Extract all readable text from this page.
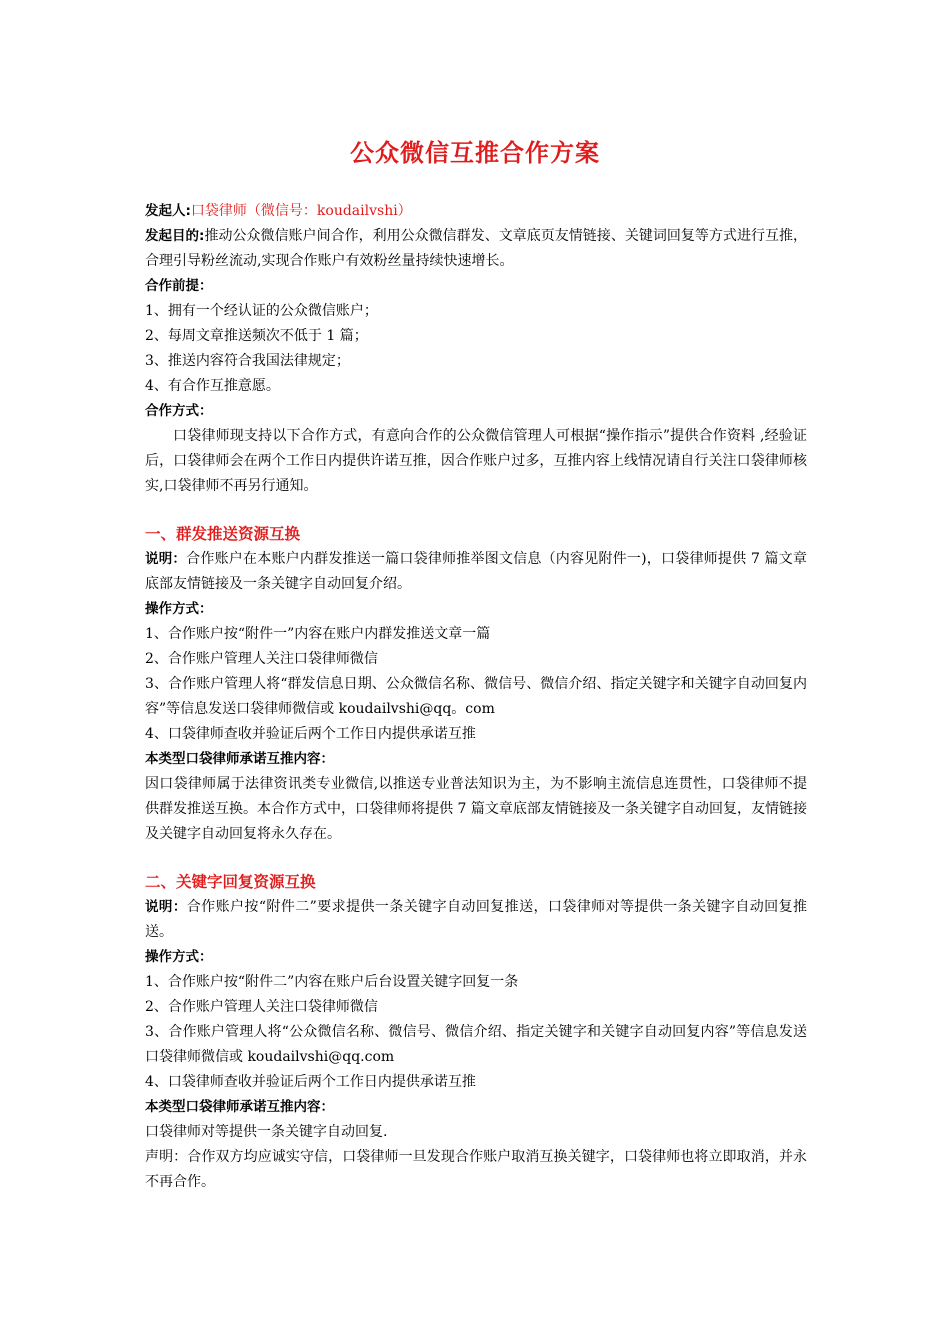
公众微信互推合作方案

发起人:口袋律师（微信号：koudailvshi）

发起目的:推动公众微信账户间合作，利用公众微信群发、文章底页友情链接、关键词回复等方式进行互推，合理引导粉丝流动,实现合作账户有效粉丝量持续快速增长。

合作前提：

1、拥有一个经认证的公众微信账户；

2、每周文章推送频次不低于 1 篇；

3、推送内容符合我国法律规定；

4、有合作互推意愿。

合作方式：

口袋律师现支持以下合作方式，有意向合作的公众微信管理人可根据“操作指示”提供合作资料 ,经验证后，口袋律师会在两个工作日内提供许诺互推，因合作账户过多，互推内容上线情况请自行关注口袋律师核实,口袋律师不再另行通知。

一、群发推送资源互换

说明：合作账户在本账户内群发推送一篇口袋律师推举图文信息（内容见附件一)，口袋律师提供 7 篇文章底部友情链接及一条关键字自动回复介绍。

操作方式：

1、合作账户按“附件一”内容在账户内群发推送文章一篇

2、合作账户管理人关注口袋律师微信

3、合作账户管理人将“群发信息日期、公众微信名称、微信号、微信介绍、指定关键字和关键字自动回复内容”等信息发送口袋律师微信或 koudailvshi@qq。com

4、口袋律师查收并验证后两个工作日内提供承诺互推

本类型口袋律师承诺互推内容：

因口袋律师属于法律资讯类专业微信,以推送专业普法知识为主，为不影响主流信息连贯性，口袋律师不提供群发推送互换。本合作方式中，口袋律师将提供 7 篇文章底部友情链接及一条关键字自动回复，友情链接及关键字自动回复将永久存在。

二、关键字回复资源互换

说明：合作账户按“附件二”要求提供一条关键字自动回复推送，口袋律师对等提供一条关键字自动回复推送。

操作方式：

1、合作账户按“附件二”内容在账户后台设置关键字回复一条

2、合作账户管理人关注口袋律师微信

3、合作账户管理人将“公众微信名称、微信号、微信介绍、指定关键字和关键字自动回复内容”等信息发送口袋律师微信或 koudailvshi@qq.com

4、口袋律师查收并验证后两个工作日内提供承诺互推

本类型口袋律师承诺互推内容：

口袋律师对等提供一条关键字自动回复.

声明：合作双方均应诚实守信，口袋律师一旦发现合作账户取消互换关键字，口袋律师也将立即取消，并永不再合作。
